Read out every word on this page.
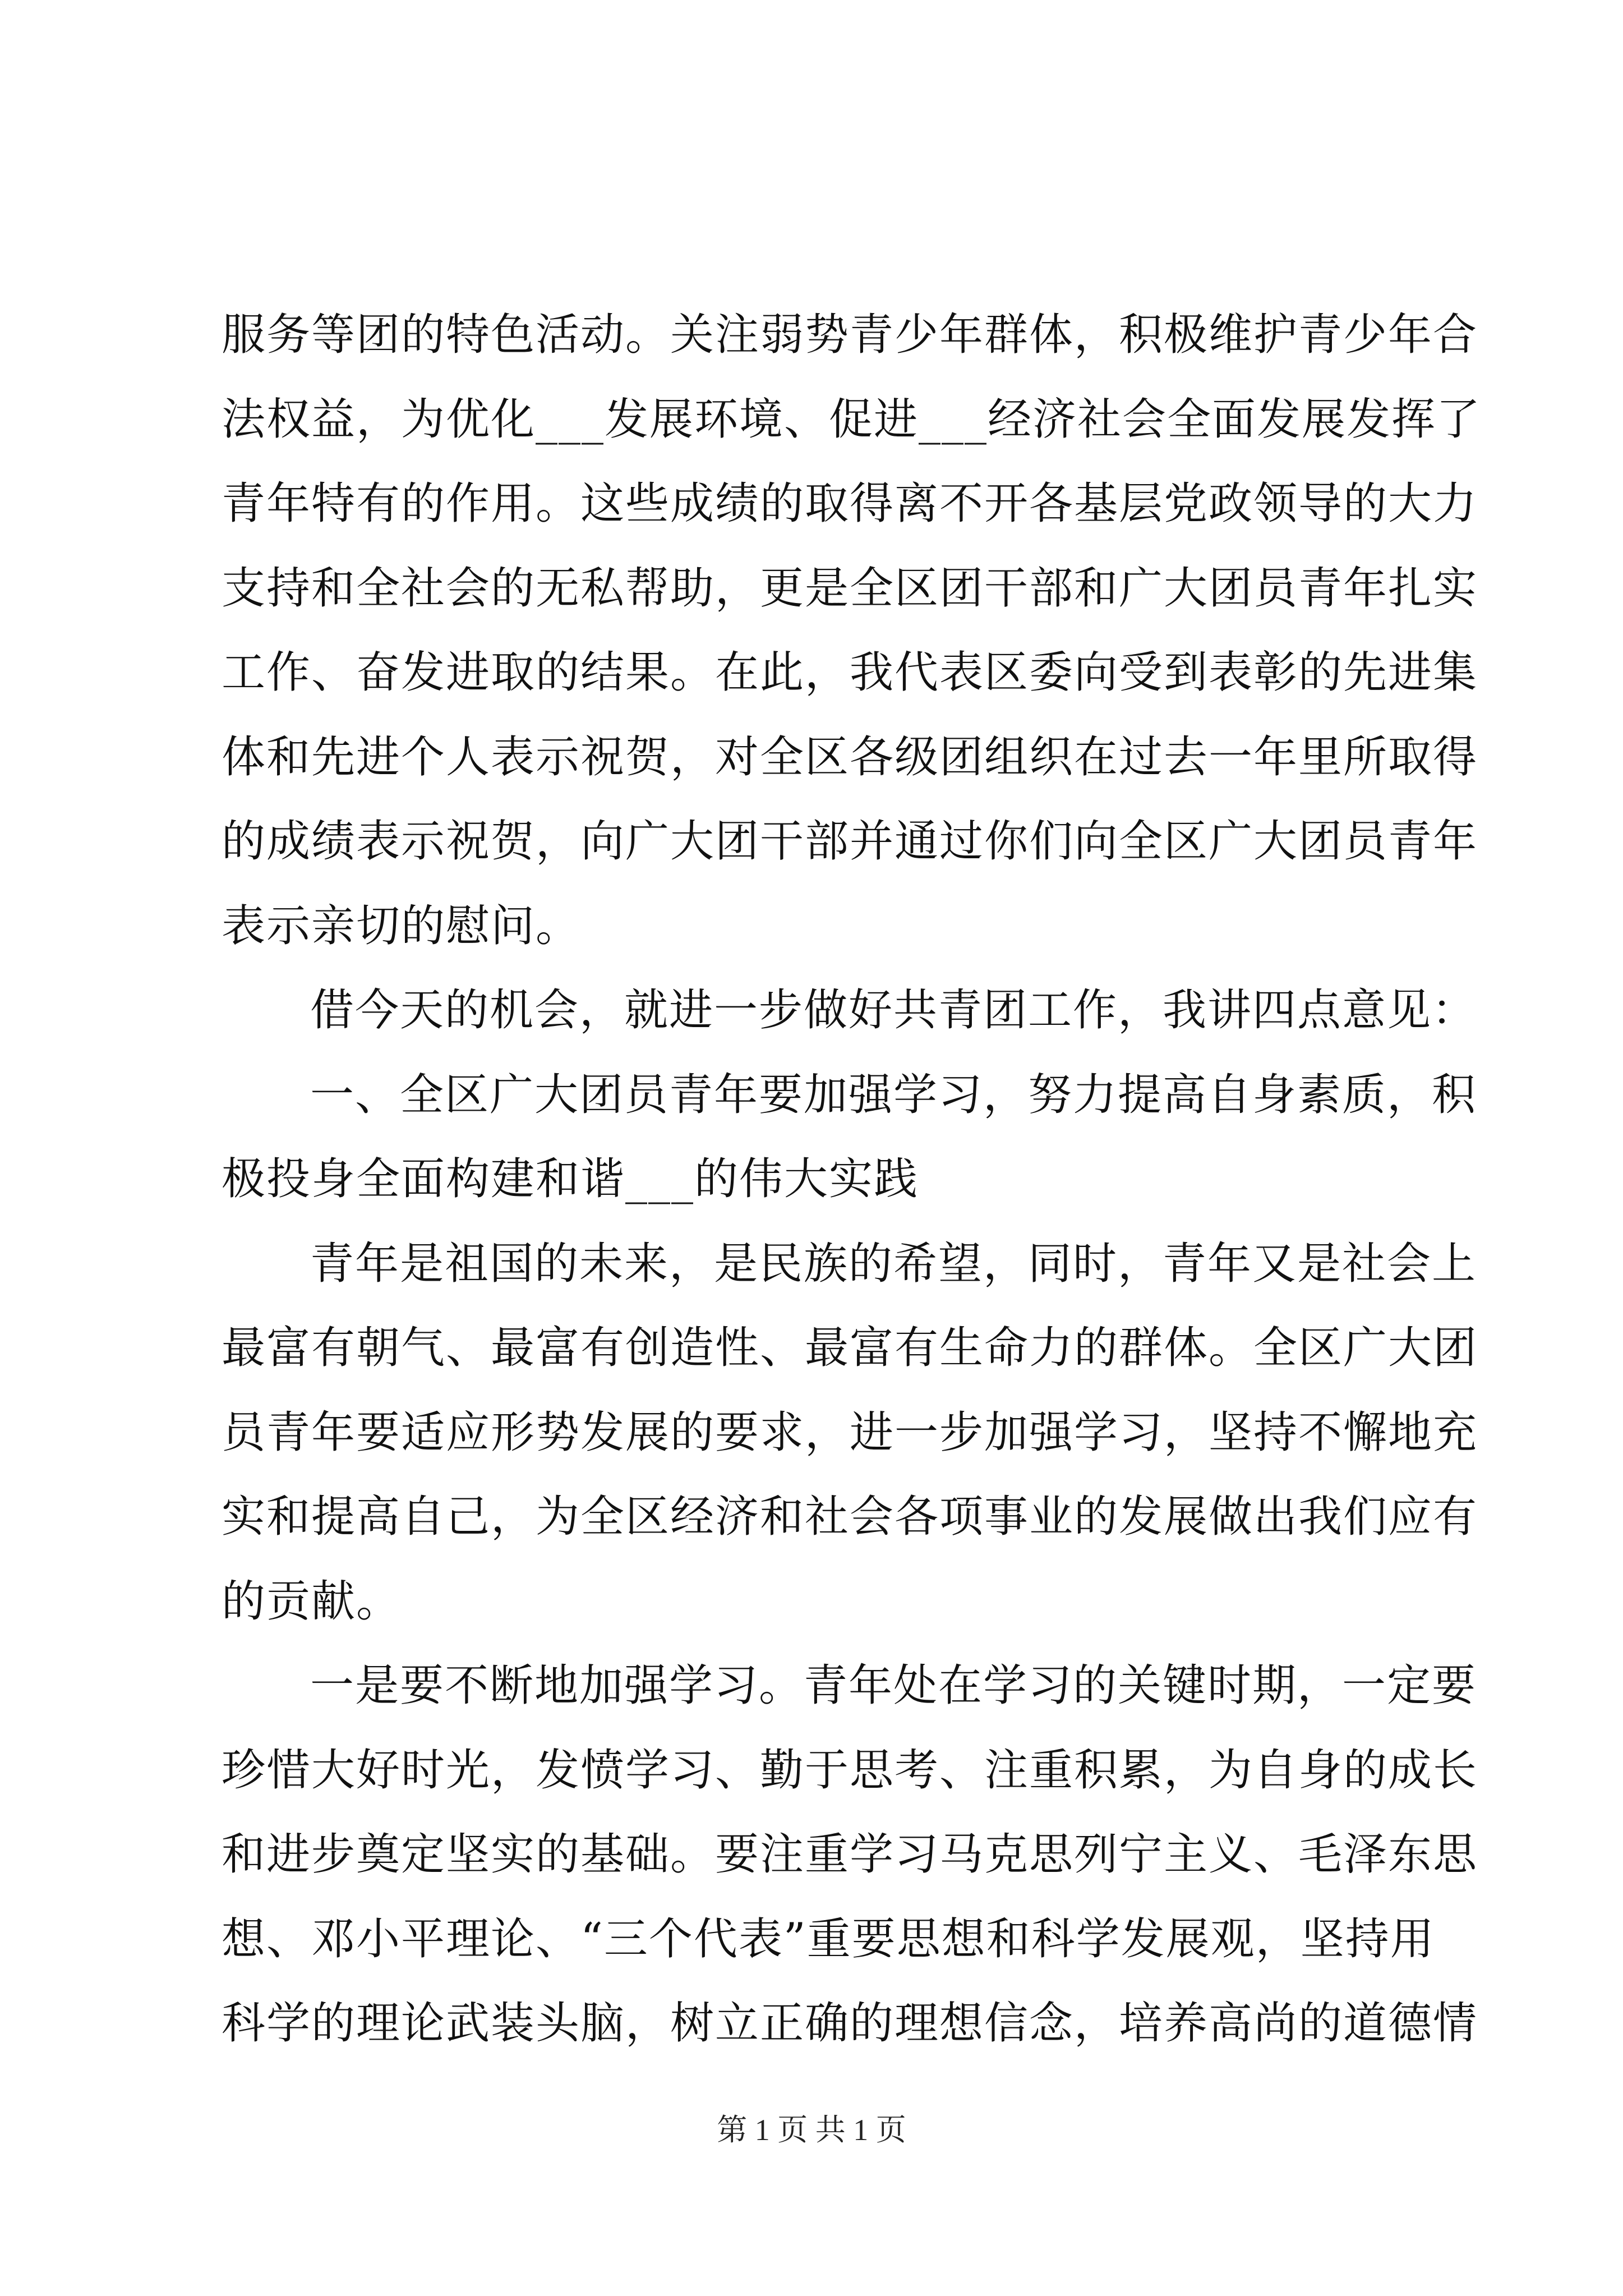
服务等团的特色活动。关注弱势青少年群体，积极维护青少年合
法权益，为优化___发展环境、促进___经济社会全面发展发挥了
青年特有的作用。这些成绩的取得离不开各基层党政领导的大力
支持和全社会的无私帮助，更是全区团干部和广大团员青年扎实
工作、奋发进取的结果。在此，我代表区委向受到表彰的先进集
体和先进个人表示祝贺，对全区各级团组织在过去一年里所取得
的成绩表示祝贺，向广大团干部并通过你们向全区广大团员青年
表示亲切的慰问。
借今天的机会，就进一步做好共青团工作，我讲四点意见：
一、全区广大团员青年要加强学习，努力提高自身素质，积
极投身全面构建和谐___的伟大实践
青年是祖国的未来，是民族的希望，同时，青年又是社会上
最富有朝气、最富有创造性、最富有生命力的群体。全区广大团
员青年要适应形势发展的要求，进一步加强学习，坚持不懈地充
实和提高自己，为全区经济和社会各项事业的发展做出我们应有
的贡献。
一是要不断地加强学习。青年处在学习的关键时期，一定要
珍惜大好时光，发愤学习、勤于思考、注重积累，为自身的成长
和进步奠定坚实的基础。要注重学习马克思列宁主义、毛泽东思
想、邓小平理论、“三个代表”重要思想和科学发展观，坚持用
科学的理论武装头脑，树立正确的理想信念，培养高尚的道德情
第 1 页 共 1 页
